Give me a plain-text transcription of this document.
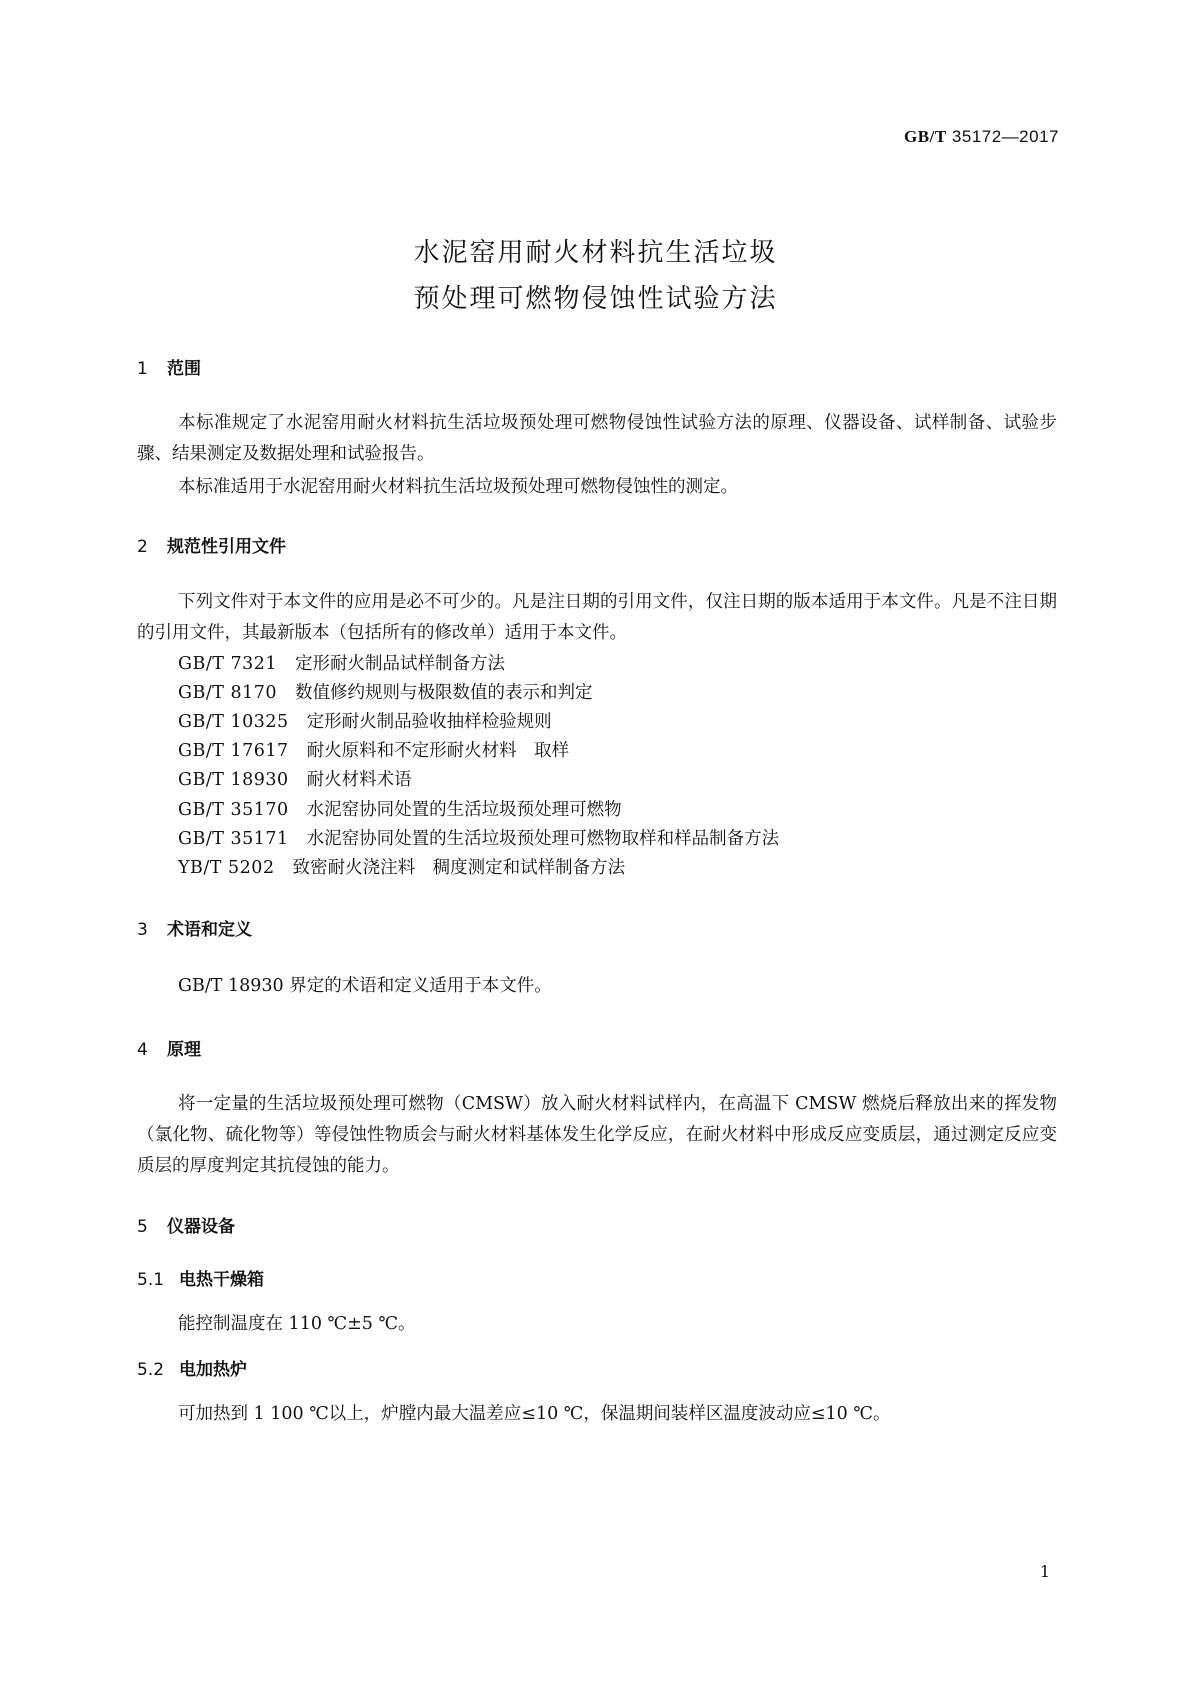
GB/T 35172—2017
水泥窑用耐火材料抗生活垃圾
预处理可燃物侵蚀性试验方法
1 范围
本标准规定了水泥窑用耐火材料抗生活垃圾预处理可燃物侵蚀性试验方法的原理、仪器设备、试样制备、试验步骤、结果测定及数据处理和试验报告。
本标准适用于水泥窑用耐火材料抗生活垃圾预处理可燃物侵蚀性的测定。
2 规范性引用文件
下列文件对于本文件的应用是必不可少的。凡是注日期的引用文件，仅注日期的版本适用于本文件。凡是不注日期的引用文件，其最新版本（包括所有的修改单）适用于本文件。
GB/T 7321 定形耐火制品试样制备方法
GB/T 8170 数值修约规则与极限数值的表示和判定
GB/T 10325 定形耐火制品验收抽样检验规则
GB/T 17617 耐火原料和不定形耐火材料　取样
GB/T 18930 耐火材料术语
GB/T 35170 水泥窑协同处置的生活垃圾预处理可燃物
GB/T 35171 水泥窑协同处置的生活垃圾预处理可燃物取样和样品制备方法
YB/T 5202 致密耐火浇注料　稠度测定和试样制备方法
3 术语和定义
GB/T 18930 界定的术语和定义适用于本文件。
4 原理
将一定量的生活垃圾预处理可燃物（CMSW）放入耐火材料试样内，在高温下 CMSW 燃烧后释放出来的挥发物（氯化物、硫化物等）等侵蚀性物质会与耐火材料基体发生化学反应，在耐火材料中形成反应变质层，通过测定反应变质层的厚度判定其抗侵蚀的能力。
5 仪器设备
5.1 电热干燥箱
能控制温度在 110 ℃±5 ℃。
5.2 电加热炉
可加热到 1 100 ℃以上，炉膛内最大温差应≤10 ℃，保温期间装样区温度波动应≤10 ℃。
1
